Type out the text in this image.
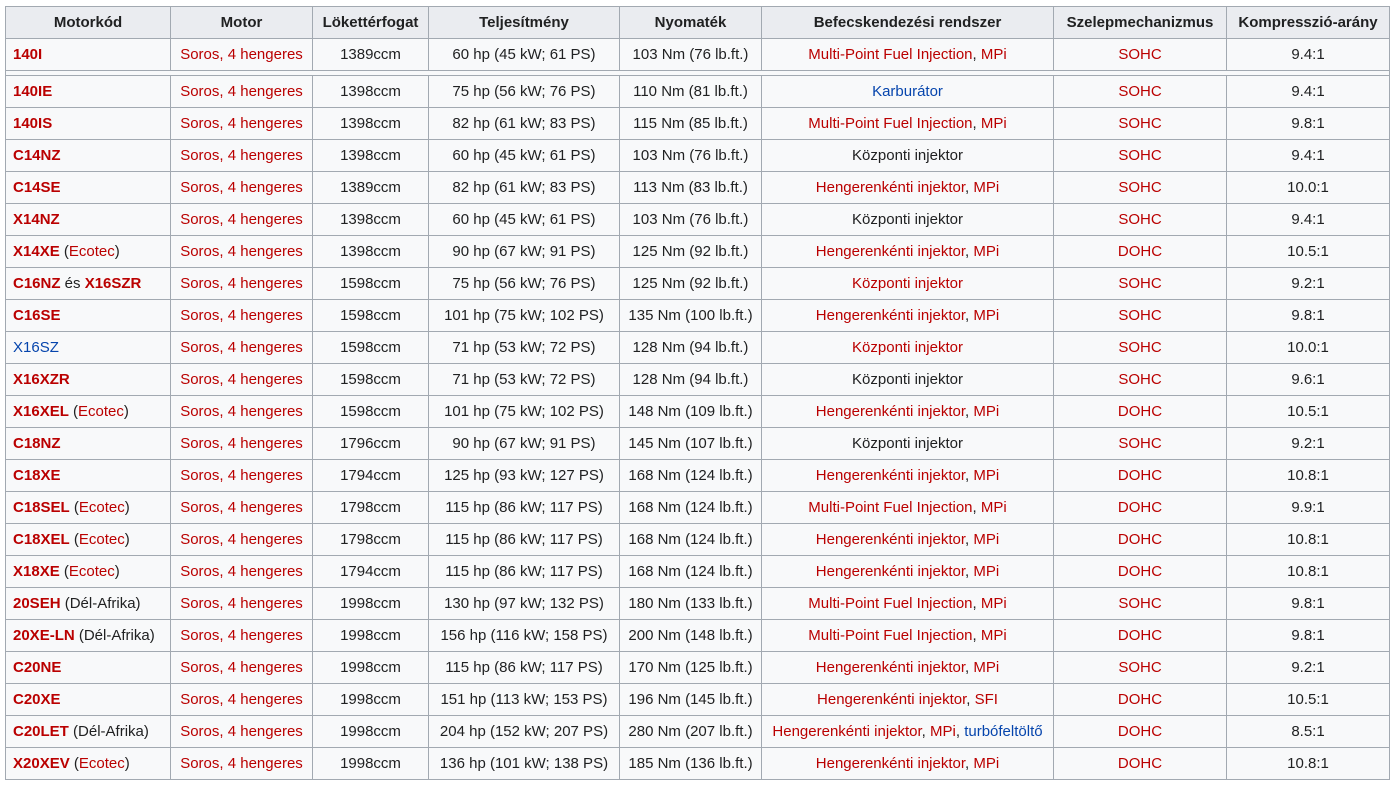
Motorkód	Motor	Lökettérfogat	Teljesítmény	Nyomaték	Befecskendezési rendszer	Szelepmechanizmus	Kompresszió-arány
140I	Soros, 4 hengeres	1389ccm	60 hp (45 kW; 61 PS)	103 Nm (76 lb.ft.)	Multi-Point Fuel Injection, MPi	SOHC	9.4:1

140IE	Soros, 4 hengeres	1398ccm	75 hp (56 kW; 76 PS)	110 Nm (81 lb.ft.)	Karburátor	SOHC	9.4:1
140IS	Soros, 4 hengeres	1398ccm	82 hp (61 kW; 83 PS)	115 Nm (85 lb.ft.)	Multi-Point Fuel Injection, MPi	SOHC	9.8:1
C14NZ	Soros, 4 hengeres	1398ccm	60 hp (45 kW; 61 PS)	103 Nm (76 lb.ft.)	Központi injektor	SOHC	9.4:1
C14SE	Soros, 4 hengeres	1389ccm	82 hp (61 kW; 83 PS)	113 Nm (83 lb.ft.)	Hengerenkénti injektor, MPi	SOHC	10.0:1
X14NZ	Soros, 4 hengeres	1398ccm	60 hp (45 kW; 61 PS)	103 Nm (76 lb.ft.)	Központi injektor	SOHC	9.4:1
X14XE (Ecotec)	Soros, 4 hengeres	1398ccm	90 hp (67 kW; 91 PS)	125 Nm (92 lb.ft.)	Hengerenkénti injektor, MPi	DOHC	10.5:1
C16NZ és X16SZR	Soros, 4 hengeres	1598ccm	75 hp (56 kW; 76 PS)	125 Nm (92 lb.ft.)	Központi injektor	SOHC	9.2:1
C16SE	Soros, 4 hengeres	1598ccm	101 hp (75 kW; 102 PS)	135 Nm (100 lb.ft.)	Hengerenkénti injektor, MPi	SOHC	9.8:1
X16SZ	Soros, 4 hengeres	1598ccm	71 hp (53 kW; 72 PS)	128 Nm (94 lb.ft.)	Központi injektor	SOHC	10.0:1
X16XZR	Soros, 4 hengeres	1598ccm	71 hp (53 kW; 72 PS)	128 Nm (94 lb.ft.)	Központi injektor	SOHC	9.6:1
X16XEL (Ecotec)	Soros, 4 hengeres	1598ccm	101 hp (75 kW; 102 PS)	148 Nm (109 lb.ft.)	Hengerenkénti injektor, MPi	DOHC	10.5:1
C18NZ	Soros, 4 hengeres	1796ccm	90 hp (67 kW; 91 PS)	145 Nm (107 lb.ft.)	Központi injektor	SOHC	9.2:1
C18XE	Soros, 4 hengeres	1794ccm	125 hp (93 kW; 127 PS)	168 Nm (124 lb.ft.)	Hengerenkénti injektor, MPi	DOHC	10.8:1
C18SEL (Ecotec)	Soros, 4 hengeres	1798ccm	115 hp (86 kW; 117 PS)	168 Nm (124 lb.ft.)	Multi-Point Fuel Injection, MPi	DOHC	9.9:1
C18XEL (Ecotec)	Soros, 4 hengeres	1798ccm	115 hp (86 kW; 117 PS)	168 Nm (124 lb.ft.)	Hengerenkénti injektor, MPi	DOHC	10.8:1
X18XE (Ecotec)	Soros, 4 hengeres	1794ccm	115 hp (86 kW; 117 PS)	168 Nm (124 lb.ft.)	Hengerenkénti injektor, MPi	DOHC	10.8:1
20SEH (Dél-Afrika)	Soros, 4 hengeres	1998ccm	130 hp (97 kW; 132 PS)	180 Nm (133 lb.ft.)	Multi-Point Fuel Injection, MPi	SOHC	9.8:1
20XE-LN (Dél-Afrika)	Soros, 4 hengeres	1998ccm	156 hp (116 kW; 158 PS)	200 Nm (148 lb.ft.)	Multi-Point Fuel Injection, MPi	DOHC	9.8:1
C20NE	Soros, 4 hengeres	1998ccm	115 hp (86 kW; 117 PS)	170 Nm (125 lb.ft.)	Hengerenkénti injektor, MPi	SOHC	9.2:1
C20XE	Soros, 4 hengeres	1998ccm	151 hp (113 kW; 153 PS)	196 Nm (145 lb.ft.)	Hengerenkénti injektor, SFI	DOHC	10.5:1
C20LET (Dél-Afrika)	Soros, 4 hengeres	1998ccm	204 hp (152 kW; 207 PS)	280 Nm (207 lb.ft.)	Hengerenkénti injektor, MPi, turbófeltöltő	DOHC	8.5:1
X20XEV (Ecotec)	Soros, 4 hengeres	1998ccm	136 hp (101 kW; 138 PS)	185 Nm (136 lb.ft.)	Hengerenkénti injektor, MPi	DOHC	10.8:1
